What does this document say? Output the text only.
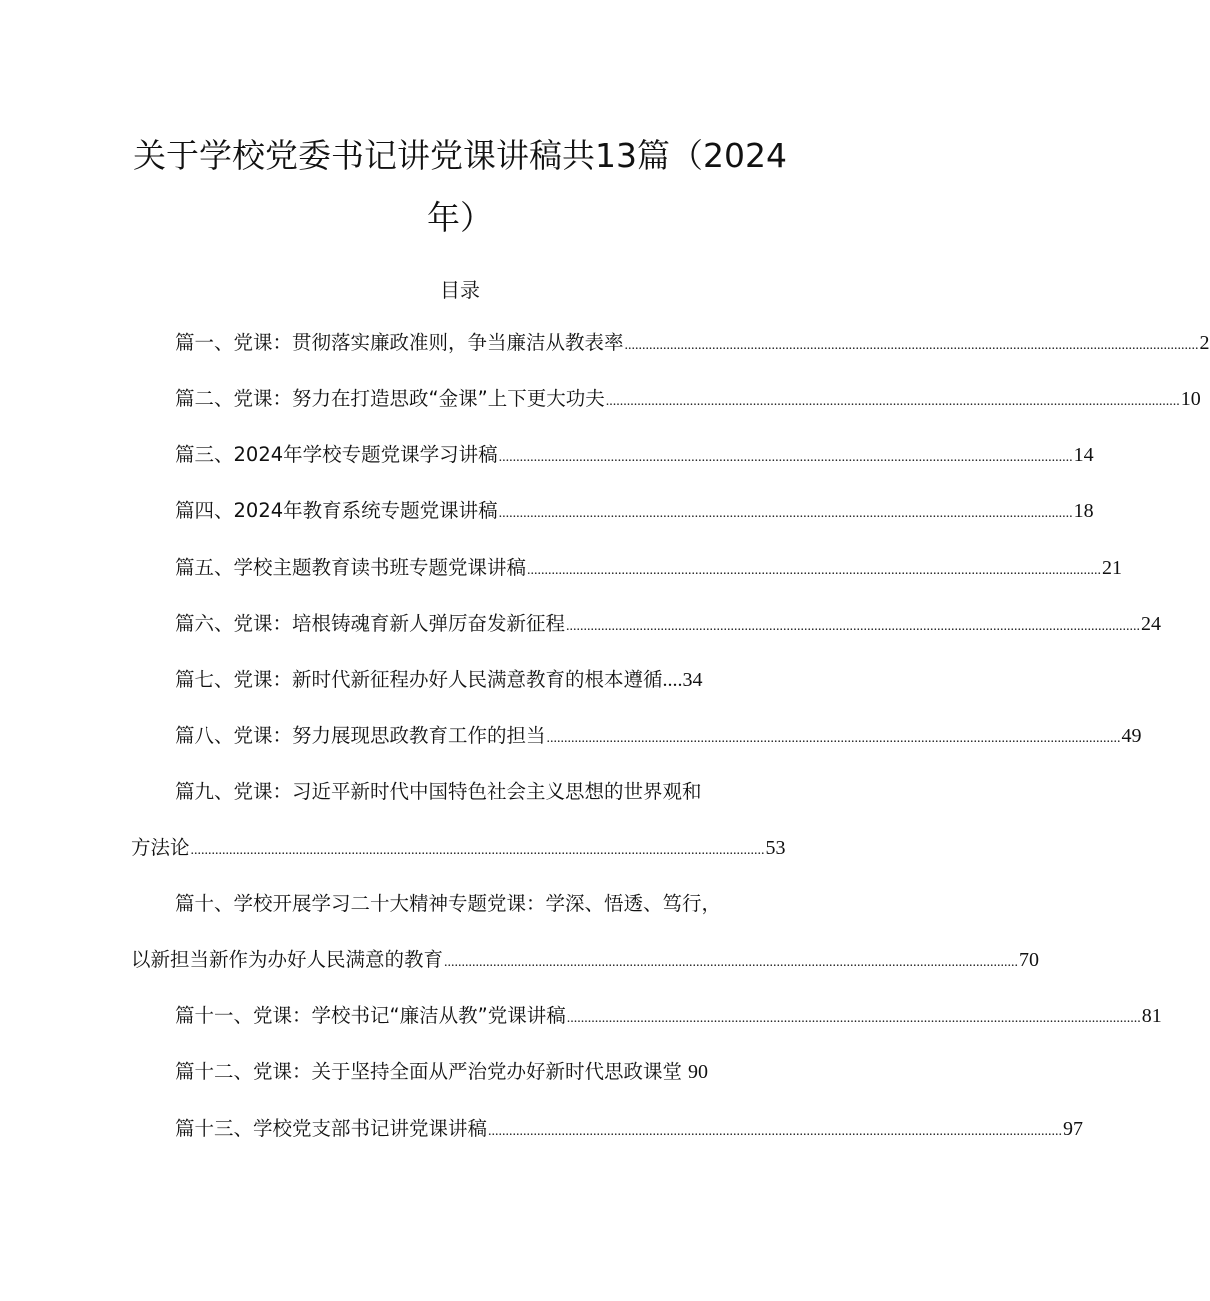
关于学校党委书记讲党课讲稿共13篇（2024
年）
目录
篇一、党课：贯彻落实廉政准则，争当廉洁从教表率 .................................................................................................................................................................... 2
篇二、党课：努力在打造思政“金课”上下更大功夫 .................................................................................................................................................................... 10
篇三、2024年学校专题党课学习讲稿 .................................................................................................................................................................... 14
篇四、2024年教育系统专题党课讲稿 .................................................................................................................................................................... 18
篇五、学校主题教育读书班专题党课讲稿 .................................................................................................................................................................... 21
篇六、党课：培根铸魂育新人弹厉奋发新征程 .................................................................................................................................................................... 24
篇七、党课：新时代新征程办好人民满意教育的根本遵循....34
篇八、党课：努力展现思政教育工作的担当 .................................................................................................................................................................... 49
篇九、党课：习近平新时代中国特色社会主义思想的世界观和
方法论 .................................................................................................................................................................... 53
篇十、学校开展学习二十大精神专题党课：学深、悟透、笃行，
以新担当新作为办好人民满意的教育 .................................................................................................................................................................... 70
篇十一、党课：学校书记“廉洁从教”党课讲稿 .................................................................................................................................................................... 81
篇十二、党课：关于坚持全面从严治党办好新时代思政课堂 90
篇十三、学校党支部书记讲党课讲稿 .................................................................................................................................................................... 97
